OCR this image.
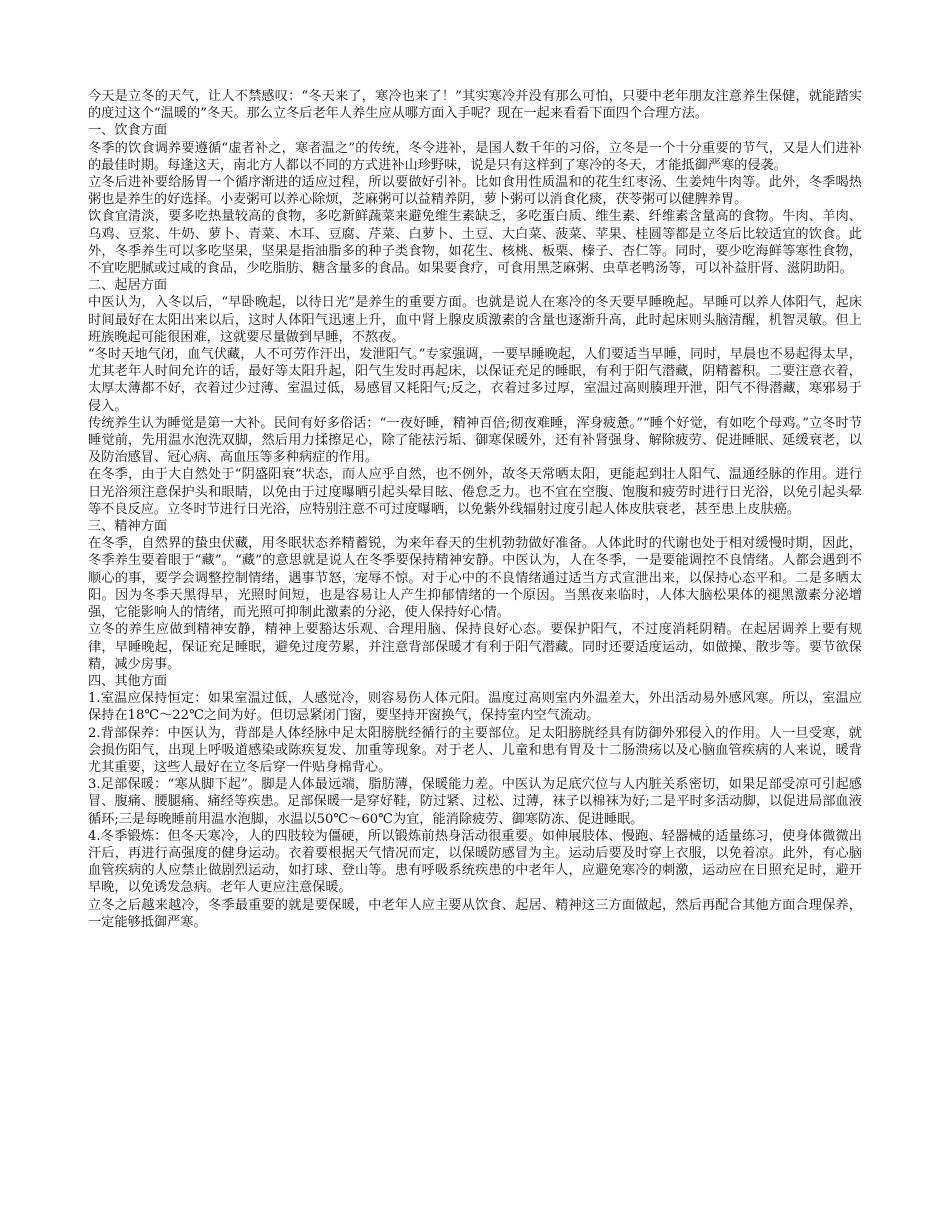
今天是立冬的天气，让人不禁感叹：“冬天来了，寒冷也来了！”其实寒冷并没有那么可怕，只要中老年朋友注意养生保健，就能踏实的度过这个“温暖的”冬天。那么立冬后老年人养生应从哪方面入手呢？现在一起来看看下面四个合理方法。

一、饮食方面

冬季的饮食调养要遵循“虚者补之，寒者温之”的传统，冬令进补，是国人数千年的习俗，立冬是一个十分重要的节气，又是人们进补的最佳时期。每逢这天，南北方人都以不同的方式进补山珍野味，说是只有这样到了寒冷的冬天，才能抵御严寒的侵袭。

立冬后进补要给肠胃一个循序渐进的适应过程，所以要做好引补。比如食用性质温和的花生红枣汤、生姜炖牛肉等。此外，冬季喝热粥也是养生的好选择。小麦粥可以养心除烦，芝麻粥可以益精养阴，萝卜粥可以消食化痰，茯苓粥可以健脾养胃。

饮食宜清淡，要多吃热量较高的食物，多吃新鲜蔬菜来避免维生素缺乏，多吃蛋白质、维生素、纤维素含量高的食物。牛肉、羊肉、乌鸡、豆浆、牛奶、萝卜、青菜、木耳、豆腐、芹菜、白萝卜、土豆、大白菜、菠菜、苹果、桂圆等都是立冬后比较适宜的饮食。此外，冬季养生可以多吃坚果，坚果是指油脂多的种子类食物，如花生、核桃、板栗、榛子、杏仁等。同时，要少吃海鲜等寒性食物，不宜吃肥腻或过咸的食品，少吃脂肪、糖含量多的食品。如果要食疗，可食用黑芝麻粥、虫草老鸭汤等，可以补益肝肾、滋阴助阳。

二、起居方面

中医认为，入冬以后，“早卧晚起，以待日光”是养生的重要方面。也就是说人在寒冷的冬天要早睡晚起。早睡可以养人体阳气，起床时间最好在太阳出来以后，这时人体阳气迅速上升，血中肾上腺皮质激素的含量也逐渐升高，此时起床则头脑清醒，机智灵敏。但上班族晚起可能很困难，这就要尽量做到早睡，不熬夜。

“冬时天地气闭，血气伏藏，人不可劳作汗出，发泄阳气。”专家强调，一要早睡晚起，人们要适当早睡，同时，早晨也不易起得太早，尤其老年人时间允许的话，最好等太阳升起，阳气生发时再起床，以保证充足的睡眠，有利于阳气潜藏，阴精蓄积。二要注意衣着，太厚太薄都不好，衣着过少过薄、室温过低，易感冒又耗阳气;反之，衣着过多过厚，室温过高则腠理开泄，阳气不得潜藏，寒邪易于侵入。

传统养生认为睡觉是第一大补。民间有好多俗话：“一夜好睡，精神百倍;彻夜难睡，浑身疲惫。”“睡个好觉，有如吃个母鸡。”立冬时节睡觉前，先用温水泡洗双脚，然后用力揉擦足心，除了能祛污垢、御寒保暖外，还有补肾强身、解除疲劳、促进睡眠、延缓衰老，以及防治感冒、冠心病、高血压等多种病症的作用。

在冬季，由于大自然处于“阴盛阳衰”状态，而人应乎自然，也不例外，故冬天常晒太阳，更能起到壮人阳气、温通经脉的作用。进行日光浴须注意保护头和眼睛，以免由于过度曝晒引起头晕目眩、倦怠乏力。也不宜在空腹、饱腹和疲劳时进行日光浴，以免引起头晕等不良反应。立冬时节进行日光浴，应特别注意不可过度曝晒，以免紫外线辐射过度引起人体皮肤衰老，甚至患上皮肤癌。

三、精神方面

在冬季，自然界的蛰虫伏藏，用冬眠状态养精蓄锐，为来年春天的生机勃勃做好准备。人体此时的代谢也处于相对缓慢时期，因此，冬季养生要着眼于“藏”。“藏”的意思就是说人在冬季要保持精神安静。中医认为，人在冬季，一是要能调控不良情绪。人都会遇到不顺心的事，要学会调整控制情绪，遇事节怒，宠辱不惊。对于心中的不良情绪通过适当方式宣泄出来，以保持心态平和。二是多晒太阳。因为冬季天黑得早，光照时间短，也是容易让人产生抑郁情绪的一个原因。当黑夜来临时，人体大脑松果体的褪黑激素分泌增强，它能影响人的情绪，而光照可抑制此激素的分泌，使人保持好心情。

立冬的养生应做到精神安静，精神上要豁达乐观、合理用脑、保持良好心态。要保护阳气，不过度消耗阴精。在起居调养上要有规律，早睡晚起，保证充足睡眠，避免过度劳累，并注意背部保暖才有利于阳气潜藏。同时还要适度运动，如做操、散步等。要节欲保精，减少房事。

四、其他方面

1.室温应保持恒定：如果室温过低，人感觉冷，则容易伤人体元阳。温度过高则室内外温差大，外出活动易外感风寒。所以，室温应保持在18℃～22℃之间为好。但切忌紧闭门窗，要坚持开窗换气，保持室内空气流动。

2.背部保养：中医认为，背部是人体经脉中足太阳膀胱经循行的主要部位。足太阳膀胱经具有防御外邪侵入的作用。人一旦受寒，就会损伤阳气，出现上呼吸道感染或陈疾复发、加重等现象。对于老人、儿童和患有胃及十二肠溃疡以及心脑血管疾病的人来说，暖背尤其重要，这些人最好在立冬后穿一件贴身棉背心。

3.足部保暖：“寒从脚下起”。脚是人体最远端，脂肪薄，保暖能力差。中医认为足底穴位与人内脏关系密切，如果足部受凉可引起感冒、腹痛、腰腿痛、痛经等疾患。足部保暖一是穿好鞋，防过紧、过松、过薄，袜子以棉袜为好;二是平时多活动脚，以促进局部血液循环;三是每晚睡前用温水泡脚，水温以50℃～60℃为宜，能消除疲劳、御寒防冻、促进睡眠。

4.冬季锻炼：但冬天寒冷，人的四肢较为僵硬，所以锻炼前热身活动很重要。如伸展肢体、慢跑、轻器械的适量练习，使身体微微出汗后，再进行高强度的健身运动。衣着要根据天气情况而定，以保暖防感冒为主。运动后要及时穿上衣服，以免着凉。此外，有心脑血管疾病的人应禁止做剧烈运动，如打球、登山等。患有呼吸系统疾患的中老年人，应避免寒冷的刺激，运动应在日照充足时，避开早晚，以免诱发急病。老年人更应注意保暖。

立冬之后越来越冷，冬季最重要的就是要保暖，中老年人应主要从饮食、起居、精神这三方面做起，然后再配合其他方面合理保养，一定能够抵御严寒。
